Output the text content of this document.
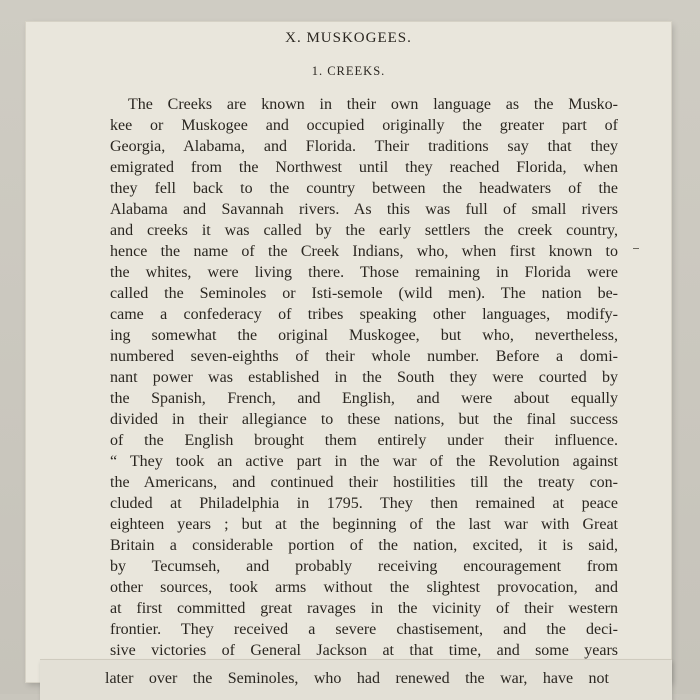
X. MUSKOGEES.
1. CREEKS.
The Creeks are known in their own language as the Musko-
kee or Muskogee and occupied originally the greater part of
Georgia, Alabama, and Florida. Their traditions say that they
emigrated from the Northwest until they reached Florida, when
they fell back to the country between the headwaters of the
Alabama and Savannah rivers. As this was full of small rivers
and creeks it was called by the early settlers the creek country,
hence the name of the Creek Indians, who, when first known to
the whites, were living there. Those remaining in Florida were
called the Seminoles or Isti-semole (wild men). The nation be-
came a confederacy of tribes speaking other languages, modify-
ing somewhat the original Muskogee, but who, nevertheless,
numbered seven-eighths of their whole number. Before a domi-
nant power was established in the South they were courted by
the Spanish, French, and English, and were about equally
divided in their allegiance to these nations, but the final success
of the English brought them entirely under their influence.
“ They took an active part in the war of the Revolution against
the Americans, and continued their hostilities till the treaty con-
cluded at Philadelphia in 1795. They then remained at peace
eighteen years ; but at the beginning of the last war with Great
Britain a considerable portion of the nation, excited, it is said,
by Tecumseh, and probably receiving encouragement from
other sources, took arms without the slightest provocation, and
at first committed great ravages in the vicinity of their western
frontier. They received a severe chastisement, and the deci-
sive victories of General Jackson at that time, and some years
later over the Seminoles, who had renewed the war, have not
